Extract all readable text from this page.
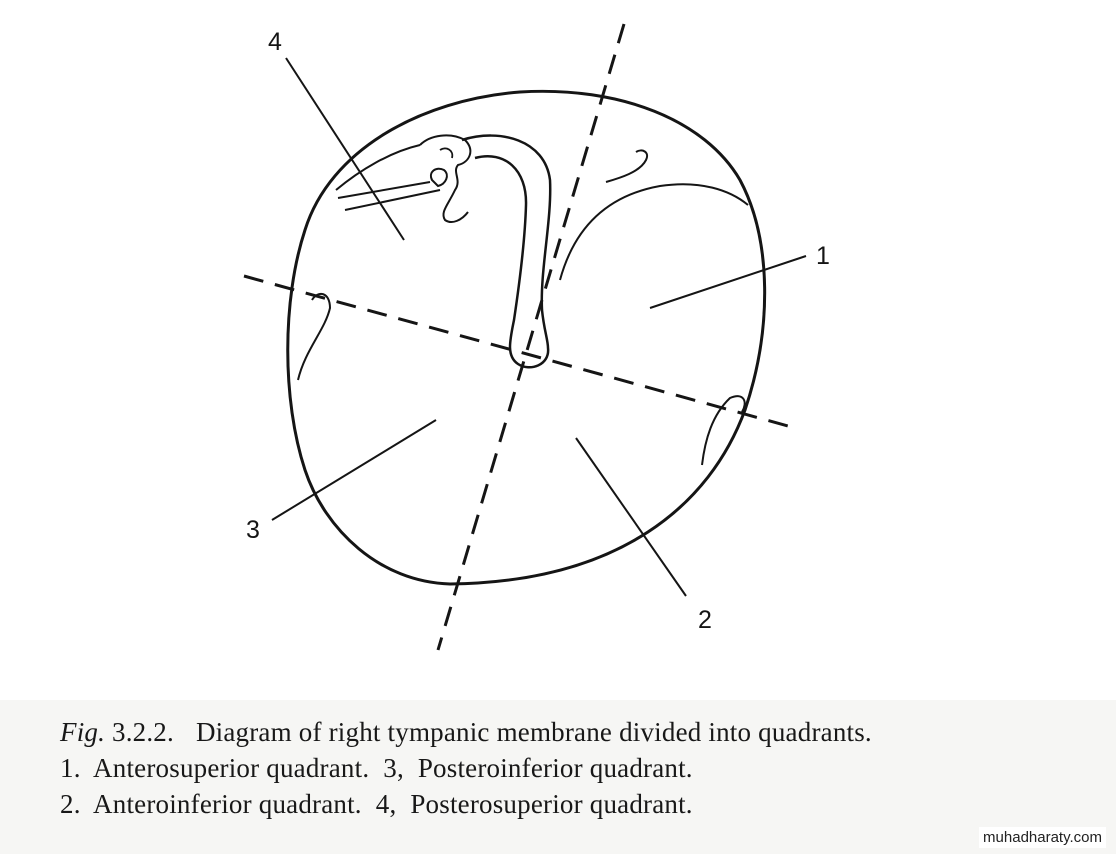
1
2
3
4
Fig. 3.2.2. Diagram of right tympanic membrane divided into quadrants.
1.  Anterosuperior quadrant. 3,  Posteroinferior quadrant.
2.  Anteroinferior quadrant. 4,  Posterosuperior quadrant.
muhadharaty.com
